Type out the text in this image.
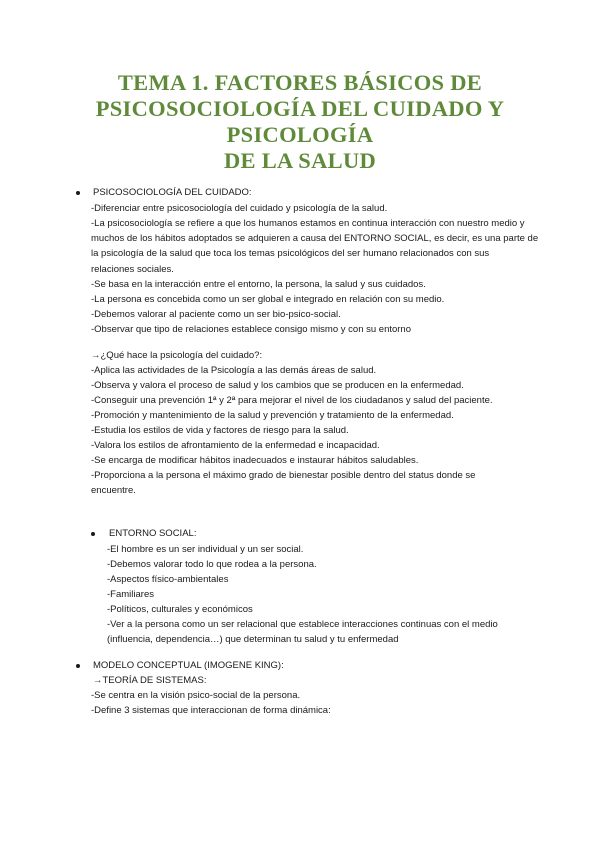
TEMA 1. FACTORES BÁSICOS DE
PSICOSOCIOLOGÍA DEL CUIDADO Y PSICOLOGÍA
DE LA SALUD
PSICOSOCIOLOGÍA DEL CUIDADO:
-Diferenciar entre psicosociología del cuidado y psicología de la salud.
-La psicosociología se refiere a que los humanos estamos en continua interacción con nuestro medio y
muchos de los hábitos adoptados se adquieren a causa del ENTORNO SOCIAL, es decir, es una parte de
la psicología de la salud que toca los temas psicológicos del ser humano relacionados con sus
relaciones sociales.
-Se basa en la interacción entre el entorno, la persona, la salud y sus cuidados.
-La persona es concebida como un ser global e integrado en relación con su medio.
-Debemos valorar al paciente como un ser bio-psico-social.
-Observar que tipo de relaciones establece consigo mismo y con su entorno
→¿Qué hace la psicología del cuidado?:
-Aplica las actividades de la Psicología a las demás áreas de salud.
-Observa y valora el proceso de salud y los cambios que se producen en la enfermedad.
-Conseguir una prevención 1ª y 2ª para mejorar el nivel de los ciudadanos y salud del paciente.
-Promoción y mantenimiento de la salud y prevención y tratamiento de la enfermedad.
-Estudia los estilos de vida y factores de riesgo para la salud.
-Valora los estilos de afrontamiento de la enfermedad e incapacidad.
-Se encarga de modificar hábitos inadecuados e instaurar hábitos saludables.
-Proporciona a la persona el máximo grado de bienestar posible dentro del status donde se
encuentre.
ENTORNO SOCIAL:
-El hombre es un ser individual y un ser social.
-Debemos valorar todo lo que rodea a la persona.
-Aspectos físico-ambientales
-Familiares
-Políticos, culturales y económicos
-Ver a la persona como un ser relacional que establece interacciones continuas con el medio
(influencia, dependencia…) que determinan tu salud y tu enfermedad
MODELO CONCEPTUAL (IMOGENE KING):
→TEORÍA DE SISTEMAS:
-Se centra en la visión psico-social de la persona.
-Define 3 sistemas que interaccionan de forma dinámica:
